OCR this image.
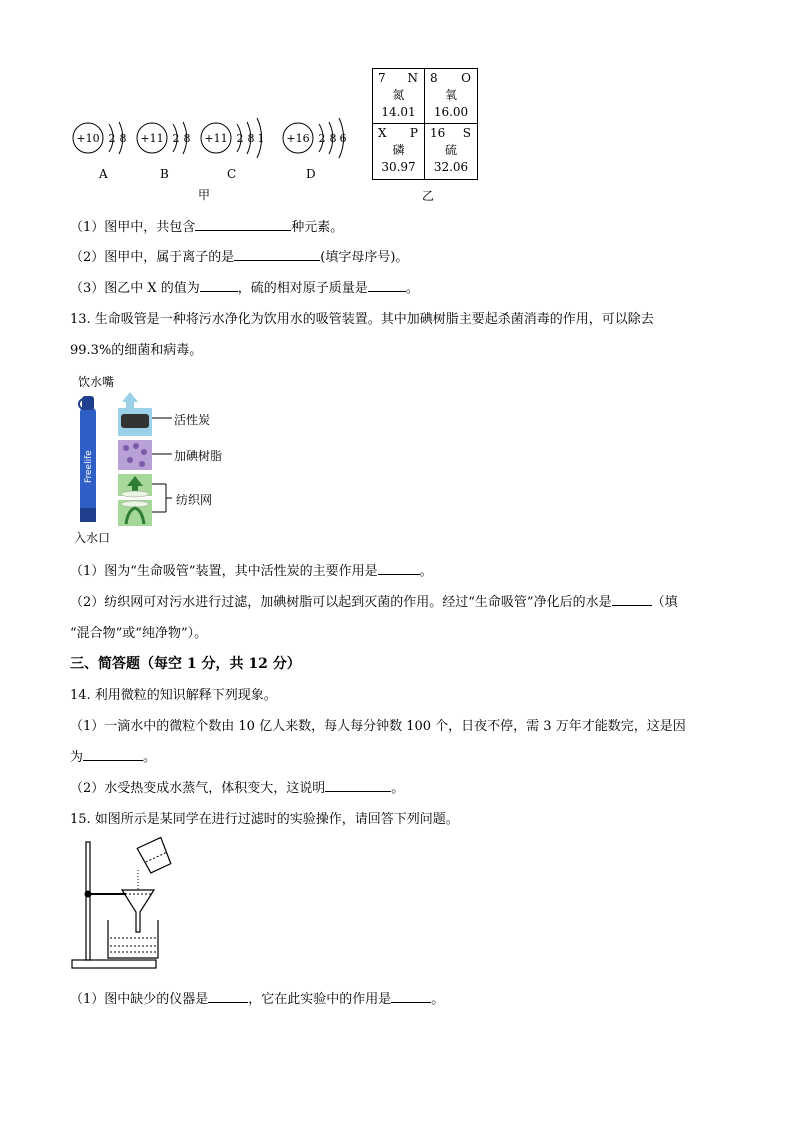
+10 2 8 +11 2 8 +11 2 8 1 +16 2 8 6
A	B	C	D
甲
7 N
氮
14.01
8 O
氧
16.00
X P
磷
30.97
16 S
硫
32.06
乙
（1）图甲中，共包含	种元素。
（2）图甲中，属于离子的是	(填字母序号)。
（3）图乙中 X 的值为	，硫的相对原子质量是	。
13. 生命吸管是一种将污水净化为饮用水的吸管装置。其中加碘树脂主要起杀菌消毒的作用，可以除去
99.3%的细菌和病毒。
饮水嘴
Freelife
活性炭
加碘树脂
纺织网
入水口
（1）图为“生命吸管”装置，其中活性炭的主要作用是	。
（2）纺织网可对污水进行过滤，加碘树脂可以起到灭菌的作用。经过“生命吸管”净化后的水是	（填
“混合物”或“纯净物”）。
三、简答题（每空 1 分，共 12 分）
14. 利用微粒的知识解释下列现象。
（1）一滴水中的微粒个数由 10 亿人来数，每人每分钟数 100 个，日夜不停，需 3 万年才能数完，这是因
为	。
（2）水受热变成水蒸气，体积变大，这说明	。
15. 如图所示是某同学在进行过滤时的实验操作，请回答下列问题。
（1）图中缺少的仪器是	，它在此实验中的作用是	。
